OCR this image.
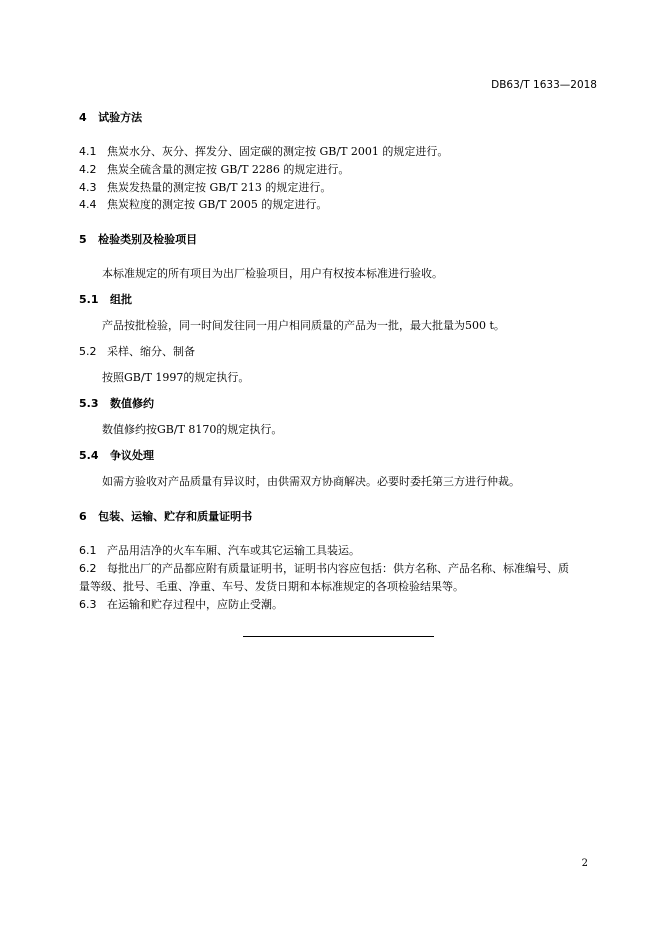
DB63/T 1633—2018
4 试验方法
4.1 焦炭水分、灰分、挥发分、固定碳的测定按 GB/T 2001 的规定进行。
4.2 焦炭全硫含量的测定按 GB/T 2286 的规定进行。
4.3 焦炭发热量的测定按 GB/T 213 的规定进行。
4.4 焦炭粒度的测定按 GB/T 2005 的规定进行。
5 检验类别及检验项目
本标准规定的所有项目为出厂检验项目，用户有权按本标准进行验收。
5.1 组批
产品按批检验，同一时间发往同一用户相同质量的产品为一批，最大批量为500 t。
5.2 采样、缩分、制备
按照GB/T 1997的规定执行。
5.3 数值修约
数值修约按GB/T 8170的规定执行。
5.4 争议处理
如需方验收对产品质量有异议时，由供需双方协商解决。必要时委托第三方进行仲裁。
6 包装、运输、贮存和质量证明书
6.1 产品用洁净的火车车厢、汽车或其它运输工具装运。
6.2 每批出厂的产品都应附有质量证明书，证明书内容应包括：供方名称、产品名称、标准编号、质
量等级、批号、毛重、净重、车号、发货日期和本标准规定的各项检验结果等。
6.3 在运输和贮存过程中，应防止受潮。
2
